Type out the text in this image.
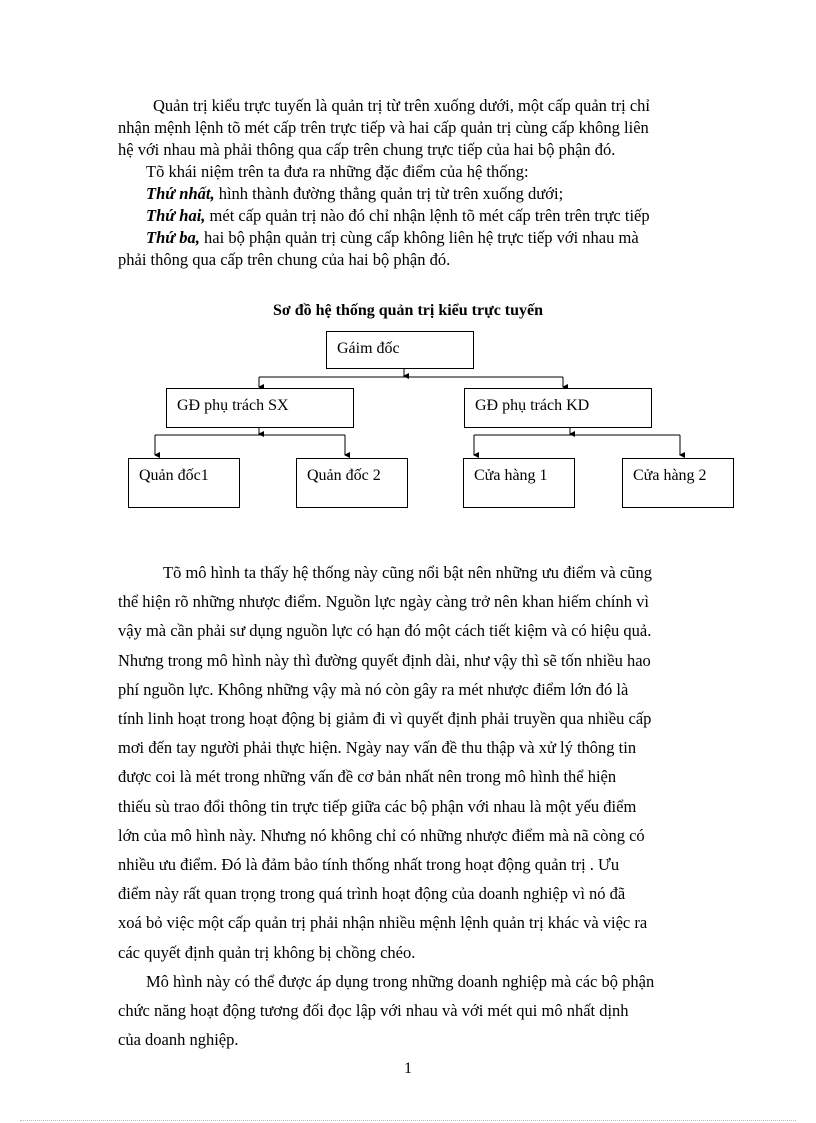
Quản trị kiểu trực tuyến là quản trị từ trên xuống dưới, một cấp quản trị chỉ
nhận mệnh lệnh tõ mét cấp trên trực tiếp và hai cấp quản trị cùng cấp không liên
hệ với nhau mà phải thông qua cấp trên chung trực tiếp của hai bộ phận đó.
Tõ khái niệm trên ta đưa ra những đặc điểm của hệ thống:
Thứ nhất, hình thành đường thẳng quản trị từ trên xuống dưới;
Thứ hai, mét cấp quản trị nào đó chỉ nhận lệnh tõ mét cấp trên trên trực tiếp
Thứ ba, hai bộ phận quản trị cùng cấp không liên hệ trực tiếp với nhau mà
phải thông qua cấp trên chung của hai bộ phận đó.
Sơ đồ hệ thống quản trị kiểu trực tuyến
Gáim đốc
GĐ phụ trách SX	GĐ phụ trách KD
Quản đốc1	Quản đốc 2	Cửa hàng 1	Cửa hàng 2
Tõ mô hình ta thấy hệ thống này cũng nổi bật nên những ưu điểm và cũng
thể hiện rõ những nhược điểm. Nguồn lực ngày càng trở nên khan hiếm chính vì
vậy mà cần phải sư dụng nguồn lực có hạn đó một cách tiết kiệm và có hiệu quả.
Nhưng trong mô hình này thì đường quyết định dài, như vậy thì sẽ tốn nhiều hao
phí nguồn lực. Không những vậy mà nó còn gây ra mét nhược điểm lớn đó là
tính linh hoạt trong hoạt động bị giảm đi vì quyết định phải truyền qua nhiều cấp
mơi đến tay người phải thực hiện. Ngày nay vấn đề thu thập và xử lý thông tin
được coi là mét trong những vấn đề cơ bản nhất nên trong mô hình thể hiện
thiếu sù trao đổi thông tin trực tiếp giữa các bộ phận với nhau là một yếu điểm
lớn của mô hình này. Nhưng nó không chỉ có những nhược điểm mà nã còng có
nhiều ưu điểm. Đó là đảm bảo tính thống nhất trong hoạt động quản trị . Ưu
điểm này rất quan trọng trong quá trình hoạt động của doanh nghiệp vì nó đã
xoá bỏ việc một cấp quản trị phải nhận nhiều mệnh lệnh quản trị khác và việc ra
các quyết định quản trị không bị chồng chéo.
Mô hình này có thể được áp dụng trong những doanh nghiệp mà các bộ phận
chức năng hoạt động tương đối đọc lập với nhau và với mét qui mô nhất dịnh
của doanh nghiệp.
1
